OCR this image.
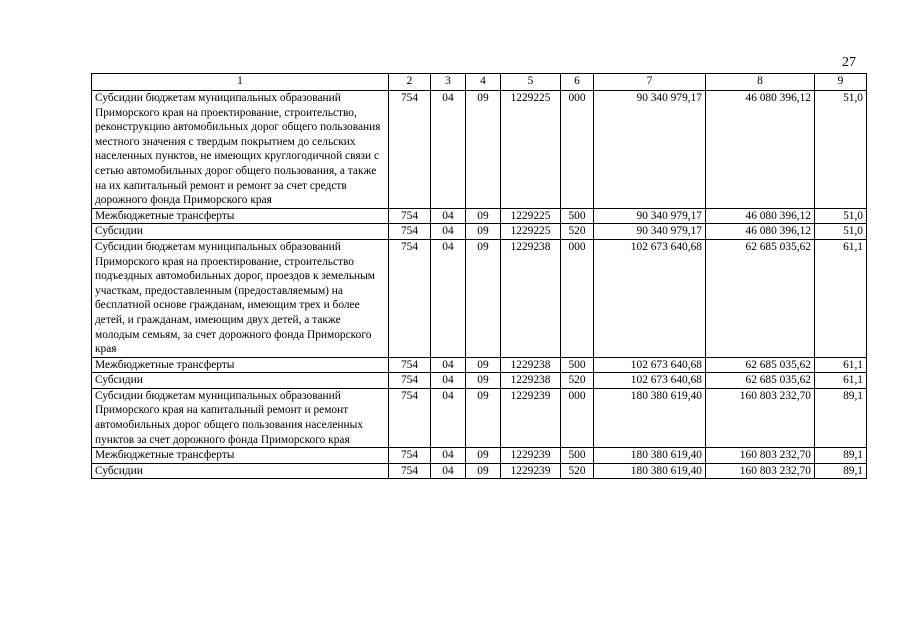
27
1	2	3	4	5	6	7	8	9
Субсидии бюджетам муниципальных образований Приморского края на проектирование, строительство, реконструкцию автомобильных дорог общего пользования местного значения с твердым покрытием до сельских населенных пунктов, не имеющих круглогодичной связи с сетью автомобильных дорог общего пользования, а также на их капитальный ремонт и ремонт за счет средств дорожного фонда Приморского края	754	04	09	1229225	000	90 340 979,17	46 080 396,12	51,0
Межбюджетные трансферты	754	04	09	1229225	500	90 340 979,17	46 080 396,12	51,0
Субсидии	754	04	09	1229225	520	90 340 979,17	46 080 396,12	51,0
Субсидии бюджетам муниципальных образований Приморского края на проектирование, строительство подъездных автомобильных дорог, проездов к земельным участкам, предоставленным (предоставляемым) на бесплатной основе гражданам, имеющим трех и более детей, и гражданам, имеющим двух детей, а также молодым семьям, за счет дорожного фонда Приморского края	754	04	09	1229238	000	102 673 640,68	62 685 035,62	61,1
Межбюджетные трансферты	754	04	09	1229238	500	102 673 640,68	62 685 035,62	61,1
Субсидии	754	04	09	1229238	520	102 673 640,68	62 685 035,62	61,1
Субсидии бюджетам муниципальных образований Приморского края на капитальный ремонт и ремонт автомобильных дорог общего пользования населенных пунктов за счет дорожного фонда Приморского края	754	04	09	1229239	000	180 380 619,40	160 803 232,70	89,1
Межбюджетные трансферты	754	04	09	1229239	500	180 380 619,40	160 803 232,70	89,1
Субсидии	754	04	09	1229239	520	180 380 619,40	160 803 232,70	89,1
